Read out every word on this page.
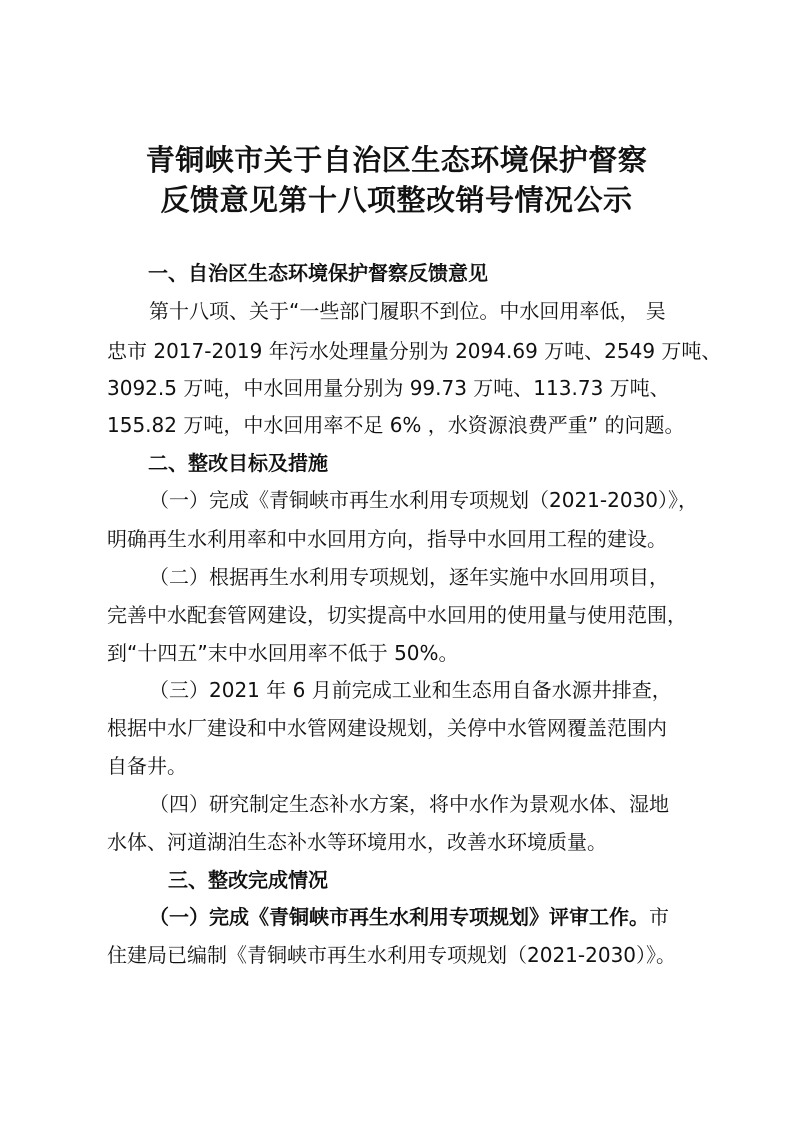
青铜峡市关于自治区生态环境保护督察
反馈意见第十八项整改销号情况公示
一、自治区生态环境保护督察反馈意见
第十八项、关于“一些部门履职不到位。中水回用率低， 吴
忠市 2017-2019 年污水处理量分别为 2094.69 万吨、2549 万吨、
3092.5 万吨，中水回用量分别为 99.73 万吨、113.73 万吨、
155.82 万吨，中水回用率不足 6% ，水资源浪费严重” 的问题。
二、整改目标及措施
（一）完成《青铜峡市再生水利用专项规划（2021-2030）》，
明确再生水利用率和中水回用方向，指导中水回用工程的建设。
（二）根据再生水利用专项规划，逐年实施中水回用项目，
完善中水配套管网建设，切实提高中水回用的使用量与使用范围，
到“十四五”末中水回用率不低于 50%。
（三）2021 年 6 月前完成工业和生态用自备水源井排查，
根据中水厂建设和中水管网建设规划，关停中水管网覆盖范围内
自备井。
（四）研究制定生态补水方案，将中水作为景观水体、湿地
水体、河道湖泊生态补水等环境用水，改善水环境质量。
三、整改完成情况
（一）完成《青铜峡市再生水利用专项规划》评审工作。市
住建局已编制《青铜峡市再生水利用专项规划（2021-2030）》。
